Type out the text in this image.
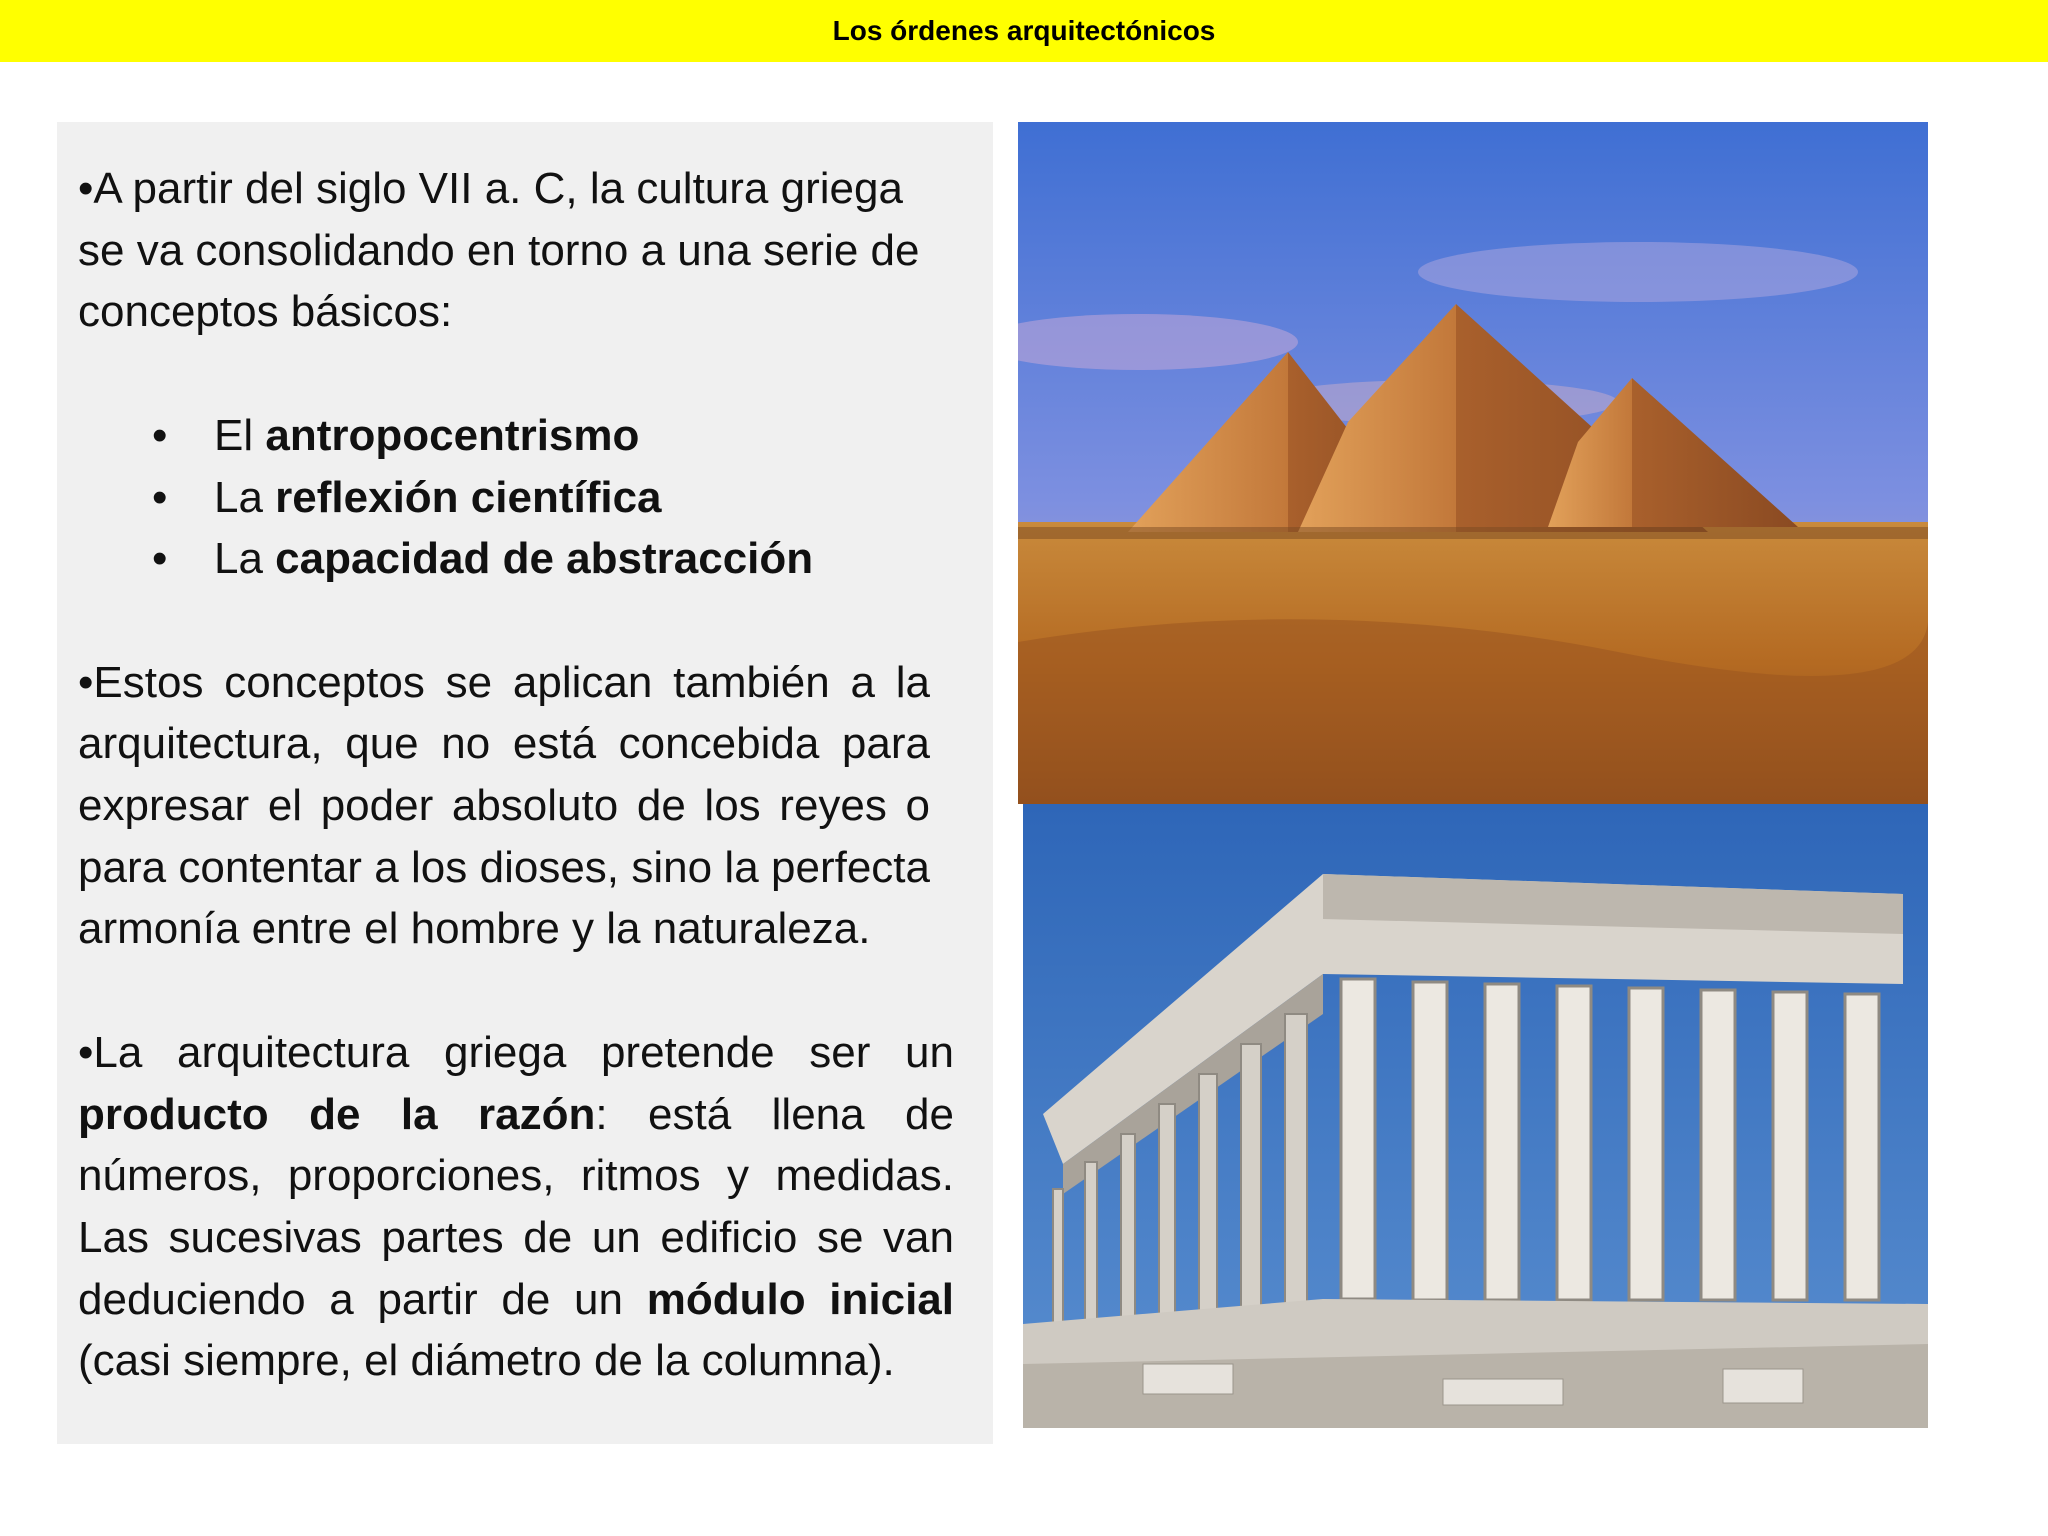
Los órdenes arquitectónicos

•A partir del siglo VII a. C, la cultura griega se va consolidando en torno a una serie de conceptos básicos:

• El antropocentrismo
• La reflexión científica
• La capacidad de abstracción

•Estos conceptos se aplican también a la arquitectura, que no está concebida para expresar el poder absoluto de los reyes o para contentar a los dioses, sino la perfecta armonía entre el hombre y la naturaleza.

•La arquitectura griega pretende ser un producto de la razón: está llena de números, proporciones, ritmos y medidas. Las sucesivas partes de un edificio se van deduciendo a partir de un módulo inicial (casi siempre, el diámetro de la columna).
